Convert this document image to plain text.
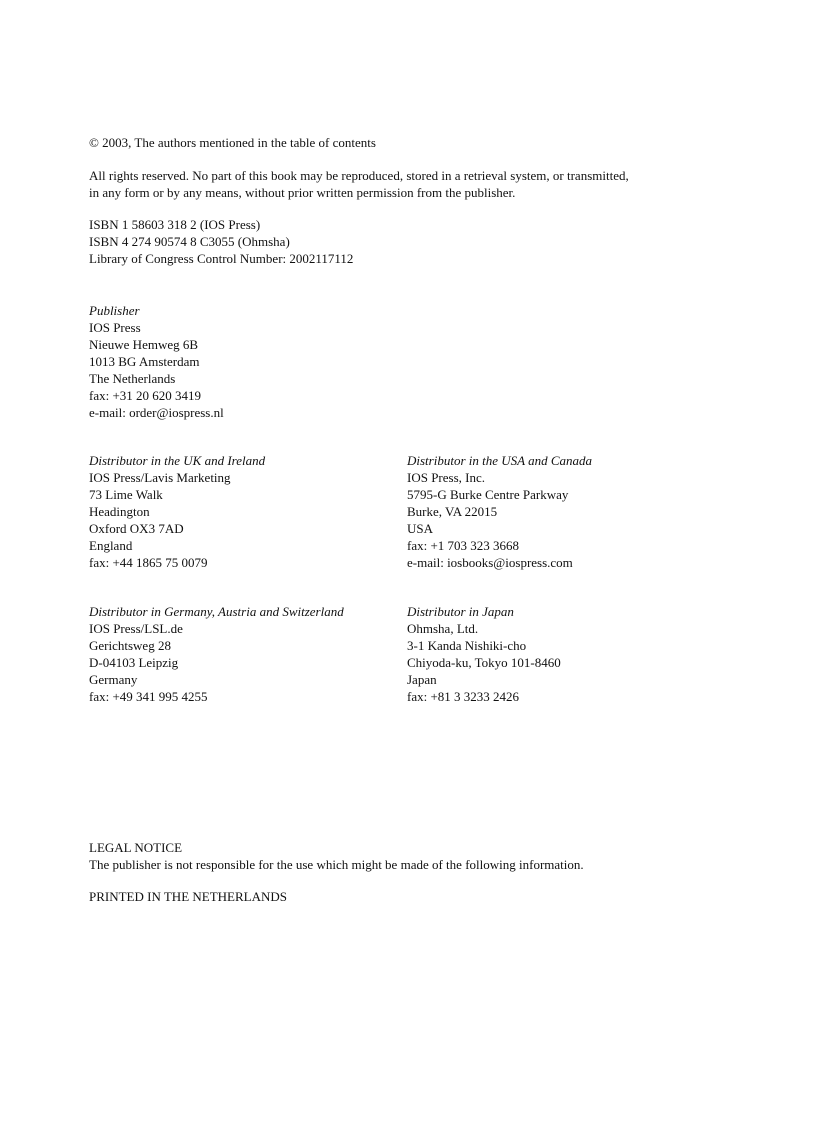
© 2003, The authors mentioned in the table of contents
All rights reserved. No part of this book may be reproduced, stored in a retrieval system, or transmitted,
in any form or by any means, without prior written permission from the publisher.
ISBN 1 58603 318 2 (IOS Press)
ISBN 4 274 90574 8 C3055 (Ohmsha)
Library of Congress Control Number: 2002117112
Publisher
IOS Press
Nieuwe Hemweg 6B
1013 BG Amsterdam
The Netherlands
fax: +31 20 620 3419
e-mail: order@iospress.nl
Distributor in the UK and Ireland
IOS Press/Lavis Marketing
73 Lime Walk
Headington
Oxford OX3 7AD
England
fax: +44 1865 75 0079
Distributor in the USA and Canada
IOS Press, Inc.
5795-G Burke Centre Parkway
Burke, VA 22015
USA
fax: +1 703 323 3668
e-mail: iosbooks@iospress.com
Distributor in Germany, Austria and Switzerland
IOS Press/LSL.de
Gerichtsweg 28
D-04103 Leipzig
Germany
fax: +49 341 995 4255
Distributor in Japan
Ohmsha, Ltd.
3-1 Kanda Nishiki-cho
Chiyoda-ku, Tokyo 101-8460
Japan
fax: +81 3 3233 2426
LEGAL NOTICE
The publisher is not responsible for the use which might be made of the following information.
PRINTED IN THE NETHERLANDS
